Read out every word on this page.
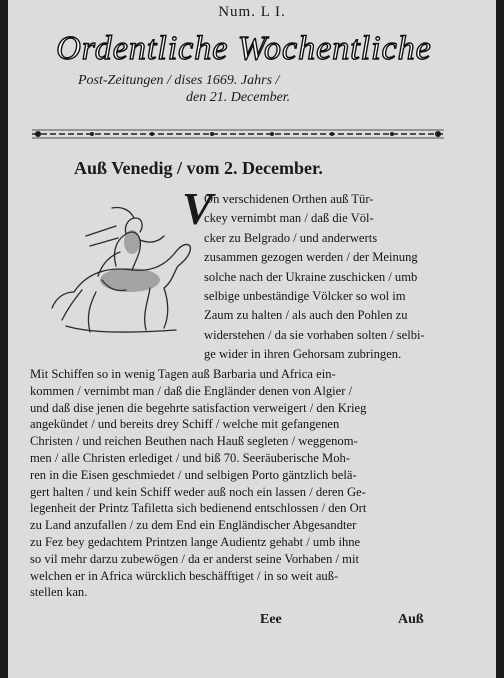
Num. L I.
Ordentliche Wochentliche
Post-Zeitungen / dises 1669. Jahrs /
den 21. December.
Auß Venedig / vom 2. December.
V
On verschidenen Orthen auß Tür-
ckey vernimbt man / daß die Völ-
cker zu Belgrado / und anderwerts
zusammen gezogen werden / der Meinung
solche nach der Ukraine zuschicken / umb
selbige unbeständige Völcker so wol im
Zaum zu halten / als auch den Pohlen zu
widerstehen / da sie vorhaben solten / selbi-
ge wider in ihren Gehorsam zubringen.
Mit Schiffen so in wenig Tagen auß Barbaria und Africa ein-
kommen / vernimbt man / daß die Engländer denen von Algier /
und daß dise jenen die begehrte satisfaction verweigert / den Krieg
angekündet / und bereits drey Schiff / welche mit gefangenen
Christen / und reichen Beuthen nach Hauß segleten / weggenom-
men / alle Christen erlediget / und biß 70. Seeräuberische Moh-
ren in die Eisen geschmiedet / und selbigen Porto gäntzlich belä-
gert halten / und kein Schiff weder auß noch ein lassen / deren Ge-
legenheit der Printz Tafiletta sich bedienend entschlossen / den Ort
zu Land anzufallen / zu dem End ein Engländischer Abgesandter
zu Fez bey gedachtem Printzen lange Audientz gehabt / umb ihne
so vil mehr darzu zubewögen / da er anderst seine Vorhaben / mit
welchen er in Africa würcklich beschäfftiget / in so weit auß-
stellen kan.
Eee	Auß
